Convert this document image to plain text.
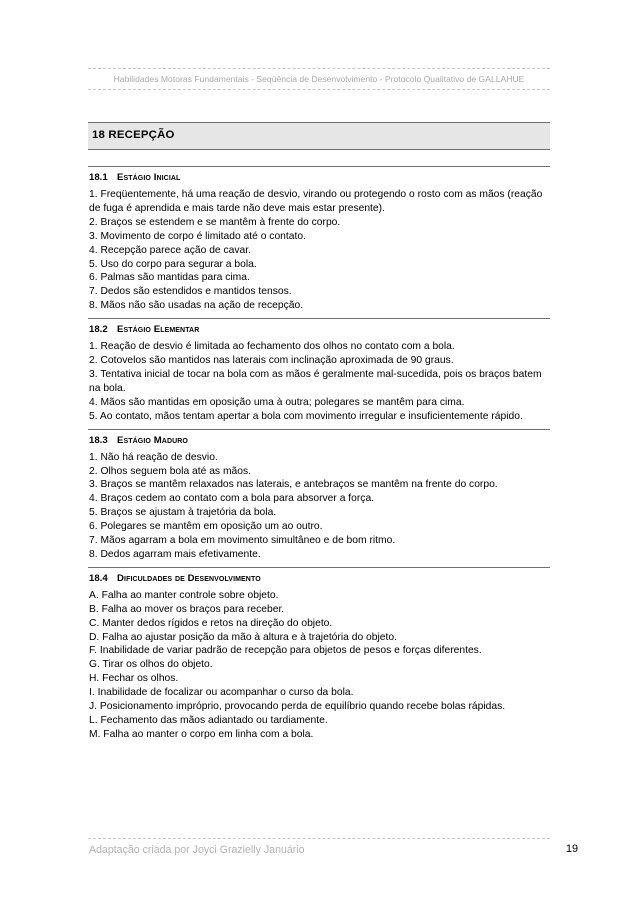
Habilidades Motoras Fundamentais - Seqüência de Desenvolvimento - Protocolo Qualitativo de GALLAHUE
18 RECEPÇÃO
18.1 Estágio Inicial
1. Freqüentemente, há uma reação de desvio, virando ou protegendo o rosto com as mãos (reação de fuga é aprendida e mais tarde não deve mais estar presente).
2. Braços se estendem e se mantêm à frente do corpo.
3. Movimento de corpo é limitado até o contato.
4. Recepção parece ação de cavar.
5. Uso do corpo para segurar a bola.
6. Palmas são mantidas para cima.
7. Dedos são estendidos e mantidos tensos.
8. Mãos não são usadas na ação de recepção.
18.2 Estágio Elementar
1. Reação de desvio é limitada ao fechamento dos olhos no contato com a bola.
2. Cotovelos são mantidos nas laterais com inclinação aproximada de 90 graus.
3. Tentativa inicial de tocar na bola com as mãos é geralmente mal-sucedida, pois os braços batem na bola.
4. Mãos são mantidas em oposição uma à outra; polegares se mantêm para cima.
5. Ao contato, mãos tentam apertar a bola com movimento irregular e insuficientemente rápido.
18.3 Estágio Maduro
1. Não há reação de desvio.
2. Olhos seguem bola até as mãos.
3. Braços se mantêm relaxados nas laterais, e antebraços se mantêm na frente do corpo.
4. Braços cedem ao contato com a bola para absorver a força.
5. Braços se ajustam à trajetória da bola.
6. Polegares se mantêm em oposição um ao outro.
7. Mãos agarram a bola em movimento simultâneo e de bom ritmo.
8. Dedos agarram mais efetivamente.
18.4 Dificuldades de Desenvolvimento
A. Falha ao manter controle sobre objeto.
B. Falha ao mover os braços para receber.
C. Manter dedos rígidos e retos na direção do objeto.
D. Falha ao ajustar posição da mão à altura e à trajetória do objeto.
F. Inabilidade de variar padrão de recepção para objetos de pesos e forças diferentes.
G. Tirar os olhos do objeto.
H. Fechar os olhos.
I. Inabilidade de focalizar ou acompanhar o curso da bola.
J. Posicionamento impróprio, provocando perda de equilíbrio quando recebe bolas rápidas.
L. Fechamento das mãos adiantado ou tardiamente.
M. Falha ao manter o corpo em linha com a bola.
Adaptação criada por Joyci Grazielly Januário	19
